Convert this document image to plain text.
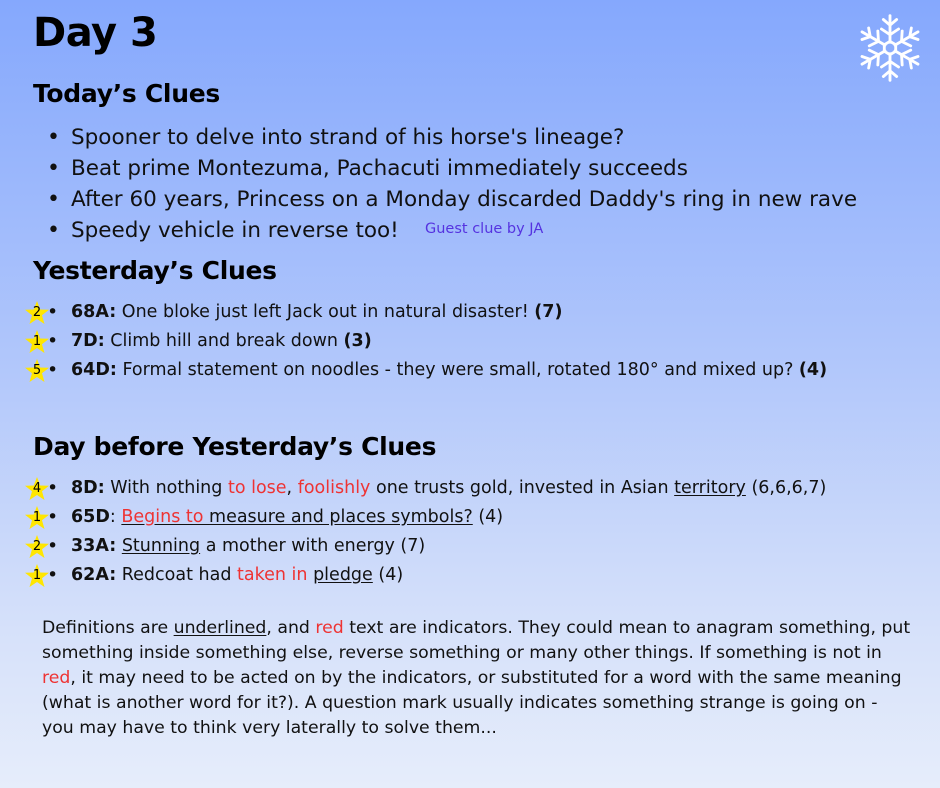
Day 3
Today’s Clues
• Spooner to delve into strand of his horse's lineage?
• Beat prime Montezuma, Pachacuti immediately succeeds
• After 60 years, Princess on a Monday discarded Daddy's ring in new rave
• Speedy vehicle in reverse too!	Guest clue by JA
Yesterday’s Clues
2 • 68A: One bloke just left Jack out in natural disaster! (7)
1 • 7D: Climb hill and break down (3)
5 • 64D: Formal statement on noodles - they were small, rotated 180° and mixed up? (4)
Day before Yesterday’s Clues
4 • 8D: With nothing to lose, foolishly one trusts gold, invested in Asian territory (6,6,6,7)
1 • 65D: Begins to measure and places symbols? (4)
2 • 33A: Stunning a mother with energy (7)
1 • 62A: Redcoat had taken in pledge (4)
Definitions are underlined, and red text are indicators. They could mean to anagram something, put something inside something else, reverse something or many other things. If something is not in red, it may need to be acted on by the indicators, or substituted for a word with the same meaning (what is another word for it?). A question mark usually indicates something strange is going on - you may have to think very laterally to solve them...
